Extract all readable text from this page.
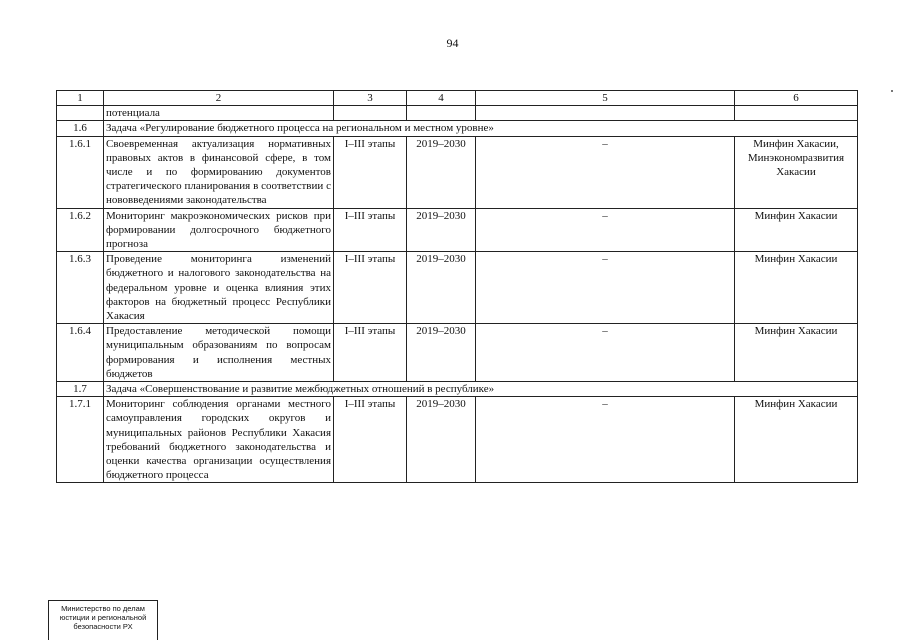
94
1	2	3	4	5	6
	потенциала				
1.6	Задача «Регулирование бюджетного процесса на региональном и местном уровне»				
1.6.1	Своевременная актуализация нормативных правовых актов в финансовой сфере, в том числе и по формированию документов стратегического планирования в соответствии с нововведениями законодательства	I–III этапы	2019–2030	–	Минфин Хакасии, Минэкономразвития Хакасии
1.6.2	Мониторинг макроэкономических рисков при формировании долгосрочного бюджетного прогноза	I–III этапы	2019–2030	–	Минфин Хакасии
1.6.3	Проведение мониторинга изменений бюджетного и налогового законодательства на федеральном уровне и оценка влияния этих факторов на бюджетный процесс Республики Хакасия	I–III этапы	2019–2030	–	Минфин Хакасии
1.6.4	Предоставление методической помощи муниципальным образованиям по вопросам формирования и исполнения местных бюджетов	I–III этапы	2019–2030	–	Минфин Хакасии
1.7	Задача «Совершенствование и развитие межбюджетных отношений в республике»				
1.7.1	Мониторинг соблюдения органами местного самоуправления городских округов и муниципальных районов Республики Хакасия требований бюджетного законодательства и оценки качества организации осуществления бюджетного процесса	I–III этапы	2019–2030	–	Минфин Хакасии
Министерство по делам
юстиции и региональной
безопасности РХ
